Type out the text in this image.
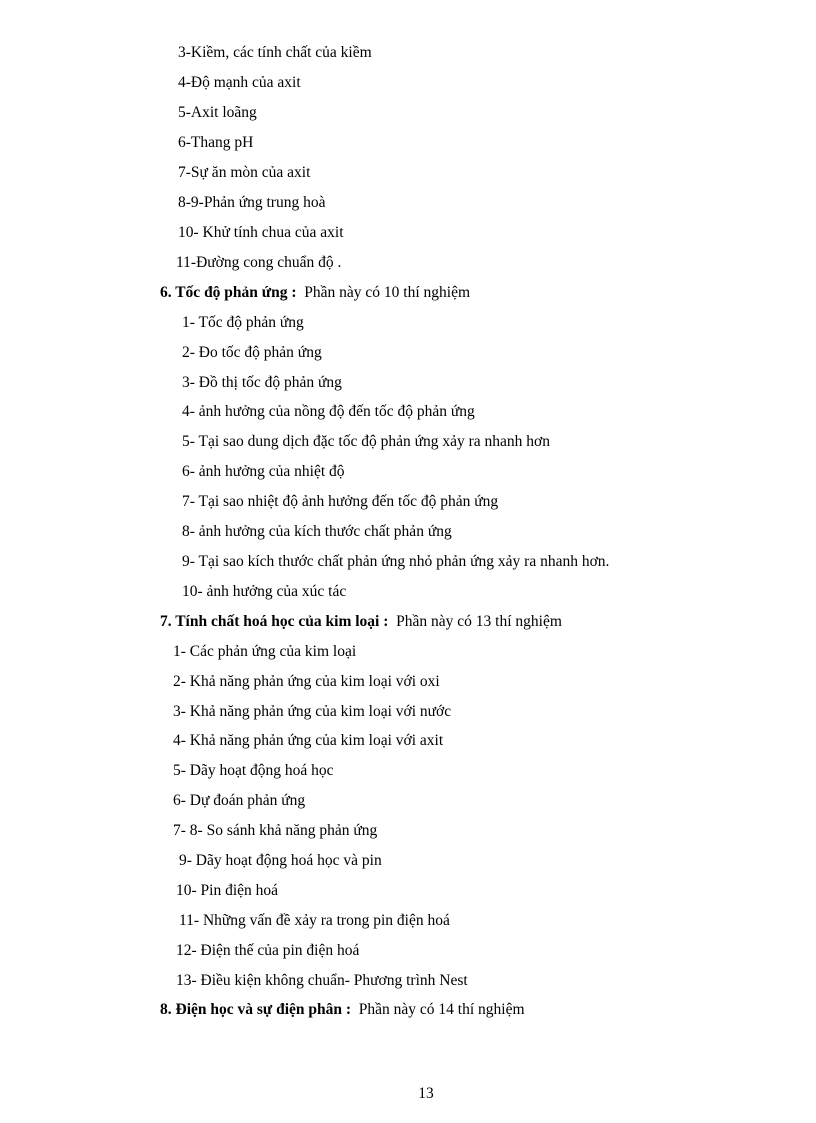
3-Kiềm, các tính chất của kiềm
4-Độ mạnh của axit
5-Axit loãng
6-Thang pH
7-Sự ăn mòn của axit
8-9-Phản ứng trung hoà
10- Khử tính chua của axit
11-Đường cong chuẩn độ .
6. Tốc độ phản ứng : Phần này có 10 thí nghiệm
1- Tốc độ phản ứng
2- Đo tốc độ phản ứng
3- Đồ thị tốc độ phản ứng
4- ảnh hưởng của nồng độ đến tốc độ phản ứng
5- Tại sao dung dịch đặc tốc độ phản ứng xảy ra nhanh hơn
6- ảnh hưởng của nhiệt độ
7- Tại sao nhiệt độ ảnh hưởng đến tốc độ phản ứng
8- ảnh hưởng của kích thước chất phản ứng
9- Tại sao kích thước chất phản ứng nhỏ phản ứng xảy ra nhanh hơn.
10- ảnh hưởng của xúc tác
7. Tính chất hoá học của kim loại : Phần này có 13 thí nghiệm
1- Các phản ứng của kim loại
2- Khả năng phản ứng của kim loại với oxi
3- Khả năng phản ứng của kim loại với nước
4- Khả năng phản ứng của kim loại với axit
5- Dãy hoạt động hoá học
6- Dự đoán phản ứng
7- 8- So sánh khả năng phản ứng
9- Dãy hoạt động hoá học và pin
10- Pin điện hoá
11- Những vấn đề xảy ra trong pin điện hoá
12- Điện thế của pin điện hoá
13- Điều kiện không chuẩn- Phương trình Nest
8. Điện học và sự điện phân : Phần này có 14 thí nghiệm
13
